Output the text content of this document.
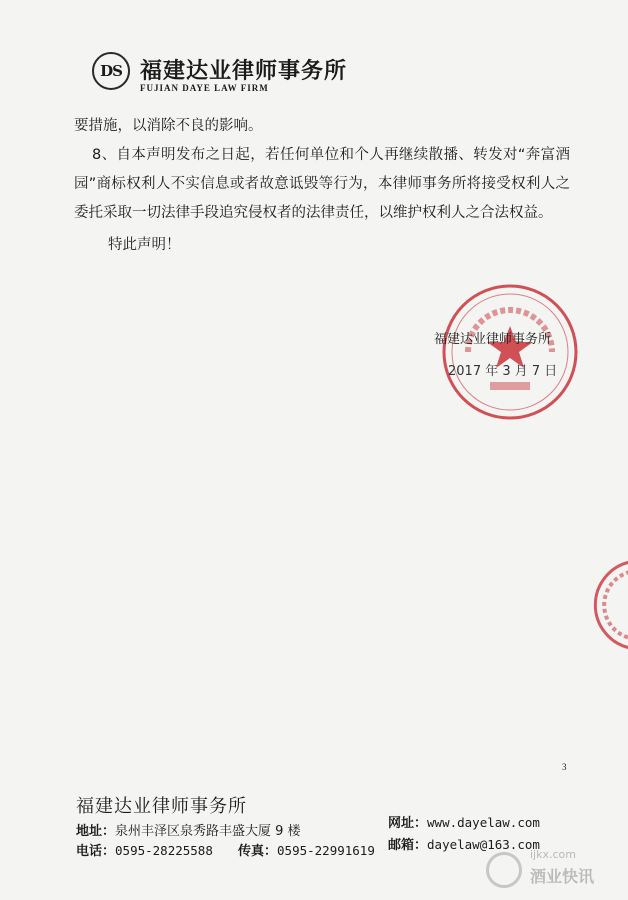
DS 福建达业律师事务所
FUJIAN DAYE LAW FIRM
要措施，以消除不良的影响。
8、自本声明发布之日起，若任何单位和个人再继续散播、转发对“奔富酒园”商标权利人不实信息或者故意诋毁等行为，本律师事务所将接受权利人之委托采取一切法律手段追究侵权者的法律责任，以维护权利人之合法权益。
特此声明！
福建达业律师事务所
2017 年 3 月 7 日
3
福建达业律师事务所
地址：泉州丰泽区泉秀路丰盛大厦 9 楼
网址：www.dayelaw.com
电话：0595-28225588 传真：0595-22991619 邮箱：dayelaw@163.com
ijkx.com
酒业快讯
